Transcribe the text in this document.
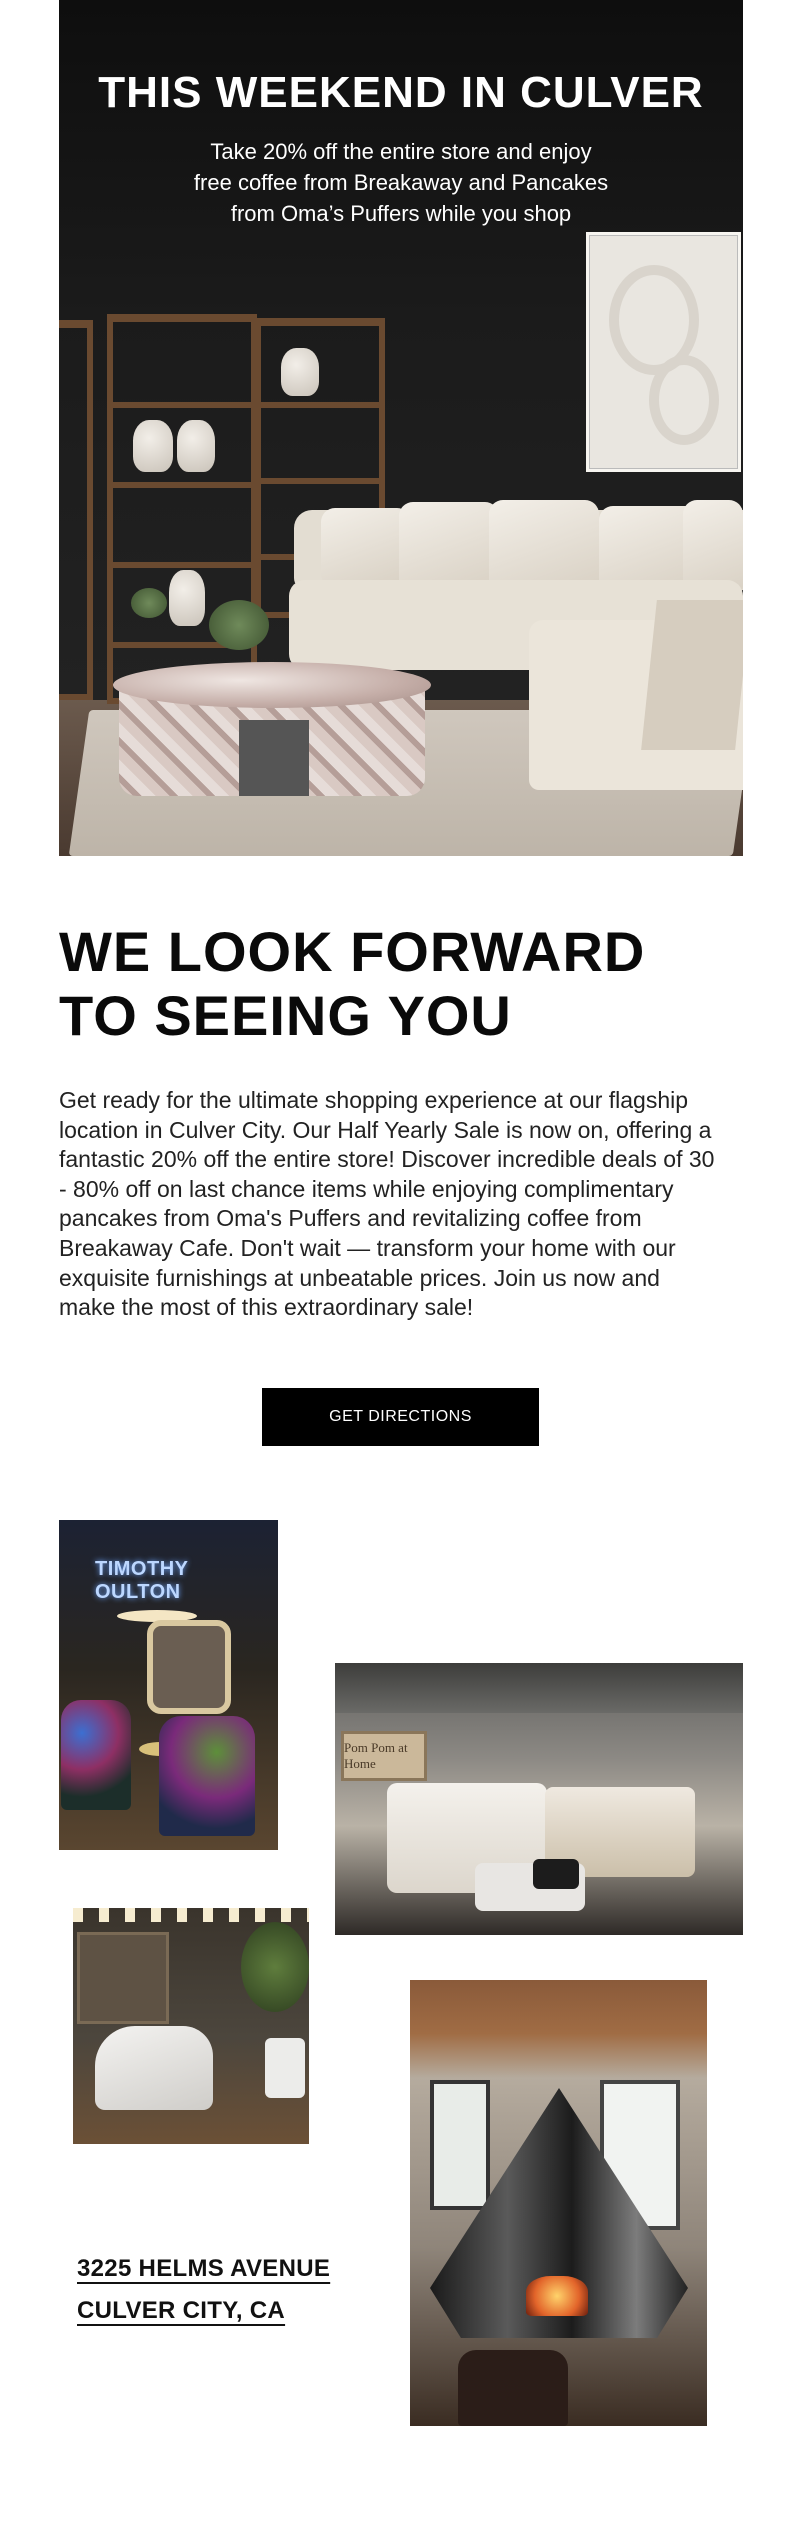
THIS WEEKEND IN CULVER

Take 20% off the entire store and enjoy
free coffee from Breakaway and Pancakes
from Oma’s Puffers while you shop

WE LOOK FORWARD
TO SEEING YOU

Get ready for the ultimate shopping experience at our flagship location in Culver City. Our Half Yearly Sale is now on, offering a fantastic 20% off the entire store! Discover incredible deals of 30 - 80% off on last chance items while enjoying complimentary pancakes from Oma's Puffers and revitalizing coffee from Breakaway Cafe. Don't wait — transform your home with our exquisite furnishings at unbeatable prices. Join us now and make the most of this extraordinary sale!

GET DIRECTIONS
TIMOTHY OULTON
Pom Pom at Home
3225 HELMS AVENUE
CULVER CITY, CA
